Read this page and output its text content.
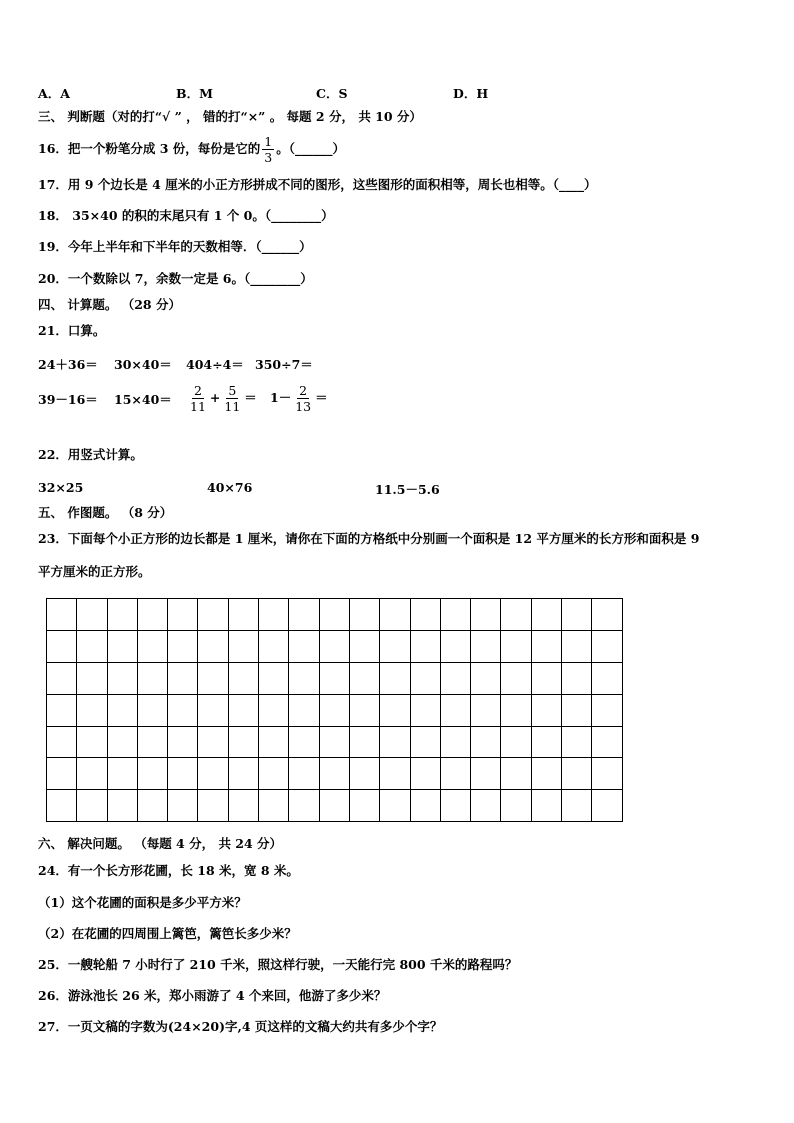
A．A	B．M	C．S	D．H
三、 判断题（对的打“√ ” ， 错的打“×” 。 每题 2 分， 共 10 分）
16．把一个粉笔分成 3 份，每份是它的 $\frac{1}{3}$ 。（______）
17．用 9 个边长是 4 厘米的小正方形拼成不同的图形，这些图形的面积相等，周长也相等。（____）
18． 35×40 的积的末尾只有 1 个 0。（________）
19．今年上半年和下半年的天数相等．（______）
20．一个数除以 7，余数一定是 6。（________）
四、 计算题。 （28 分）
21．口算。
24＋36＝ 30×40＝ 404÷4＝ 350÷7＝
$39-16= 15\times 40= \frac{2}{11} + \frac{5}{11} = 1- \frac{2}{13}$ ＝
22．用竖式计算。
32×25	40×76	11.5－5.6
五、 作图题。 （8 分）
23．下面每个小正方形的边长都是 1 厘米，请你在下面的方格纸中分别画一个面积是 12 平方厘米的长方形和面积是 9
平方厘米的正方形。
六、 解决问题。 （每题 4 分， 共 24 分）
24．有一个长方形花圃，长 18 米，宽 8 米。
（1）这个花圃的面积是多少平方米？
（2）在花圃的四周围上篱笆，篱笆长多少米？
25．一艘轮船 7 小时行了 210 千米，照这样行驶，一天能行完 800 千米的路程吗？
26．游泳池长 26 米，郑小雨游了 4 个来回，他游了多少米？
27．一页文稿的字数为(24×20)字,4 页这样的文稿大约共有多少个字？
